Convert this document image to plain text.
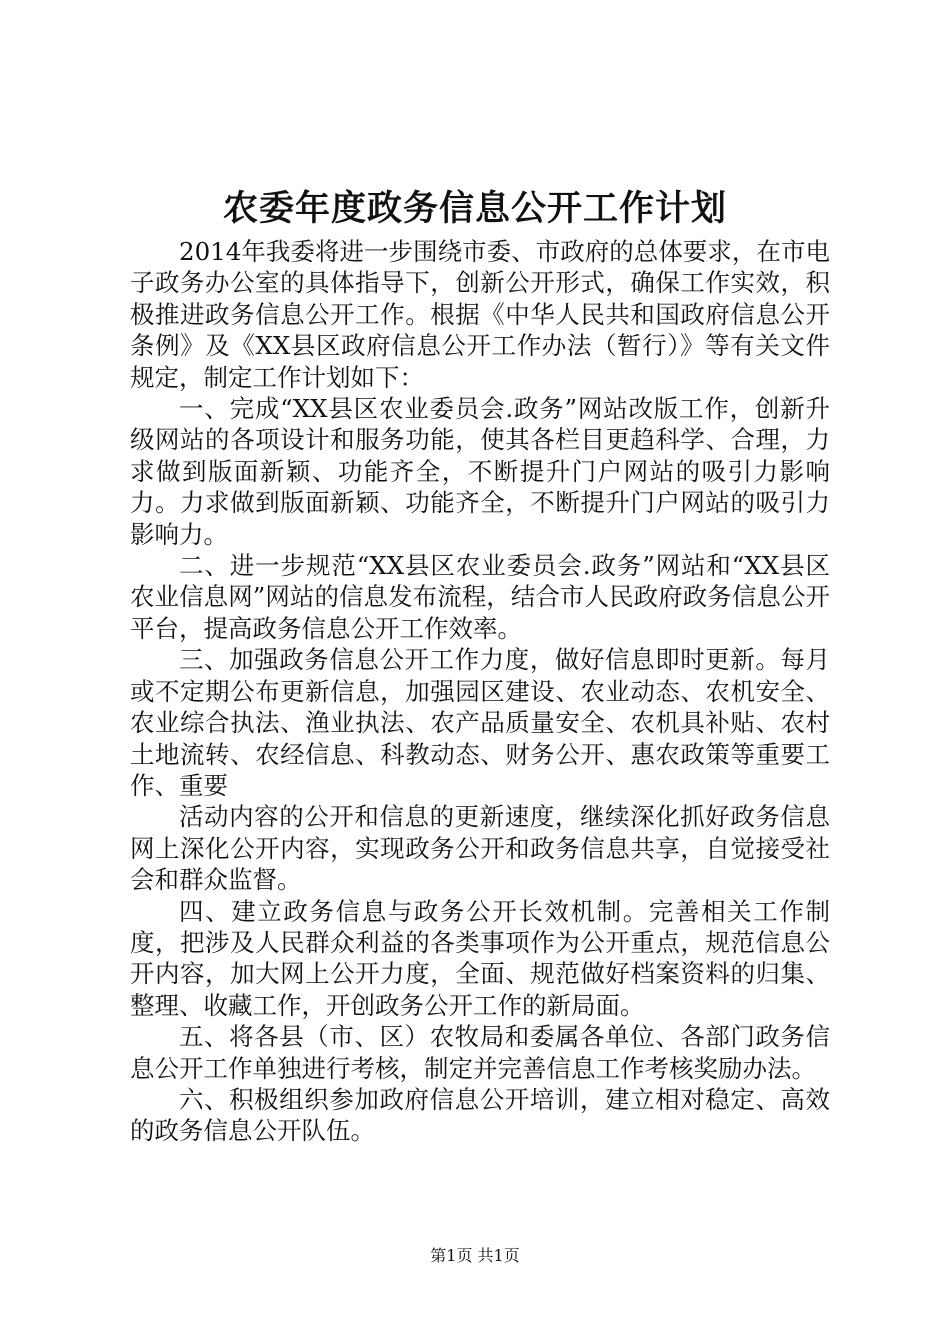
农委年度政务信息公开工作计划

2014年我委将进一步围绕市委、市政府的总体要求，在市电子政务办公室的具体指导下，创新公开形式，确保工作实效，积极推进政务信息公开工作。根据《中华人民共和国政府信息公开条例》及《XX县区政府信息公开工作办法（暂行）》等有关文件规定，制定工作计划如下：

一、完成“XX县区农业委员会.政务”网站改版工作，创新升级网站的各项设计和服务功能，使其各栏目更趋科学、合理，力求做到版面新颖、功能齐全，不断提升门户网站的吸引力影响力。力求做到版面新颖、功能齐全，不断提升门户网站的吸引力影响力。

二、进一步规范“XX县区农业委员会.政务”网站和“XX县区农业信息网”网站的信息发布流程，结合市人民政府政务信息公开平台，提高政务信息公开工作效率。

三、加强政务信息公开工作力度，做好信息即时更新。每月或不定期公布更新信息，加强园区建设、农业动态、农机安全、农业综合执法、渔业执法、农产品质量安全、农机具补贴、农村土地流转、农经信息、科教动态、财务公开、惠农政策等重要工作、重要

活动内容的公开和信息的更新速度，继续深化抓好政务信息网上深化公开内容，实现政务公开和政务信息共享，自觉接受社会和群众监督。

四、建立政务信息与政务公开长效机制。完善相关工作制度，把涉及人民群众利益的各类事项作为公开重点，规范信息公开内容，加大网上公开力度，全面、规范做好档案资料的归集、整理、收藏工作，开创政务公开工作的新局面。

五、将各县（市、区）农牧局和委属各单位、各部门政务信息公开工作单独进行考核，制定并完善信息工作考核奖励办法。

六、积极组织参加政府信息公开培训，建立相对稳定、高效的政务信息公开队伍。

第1页 共1页
